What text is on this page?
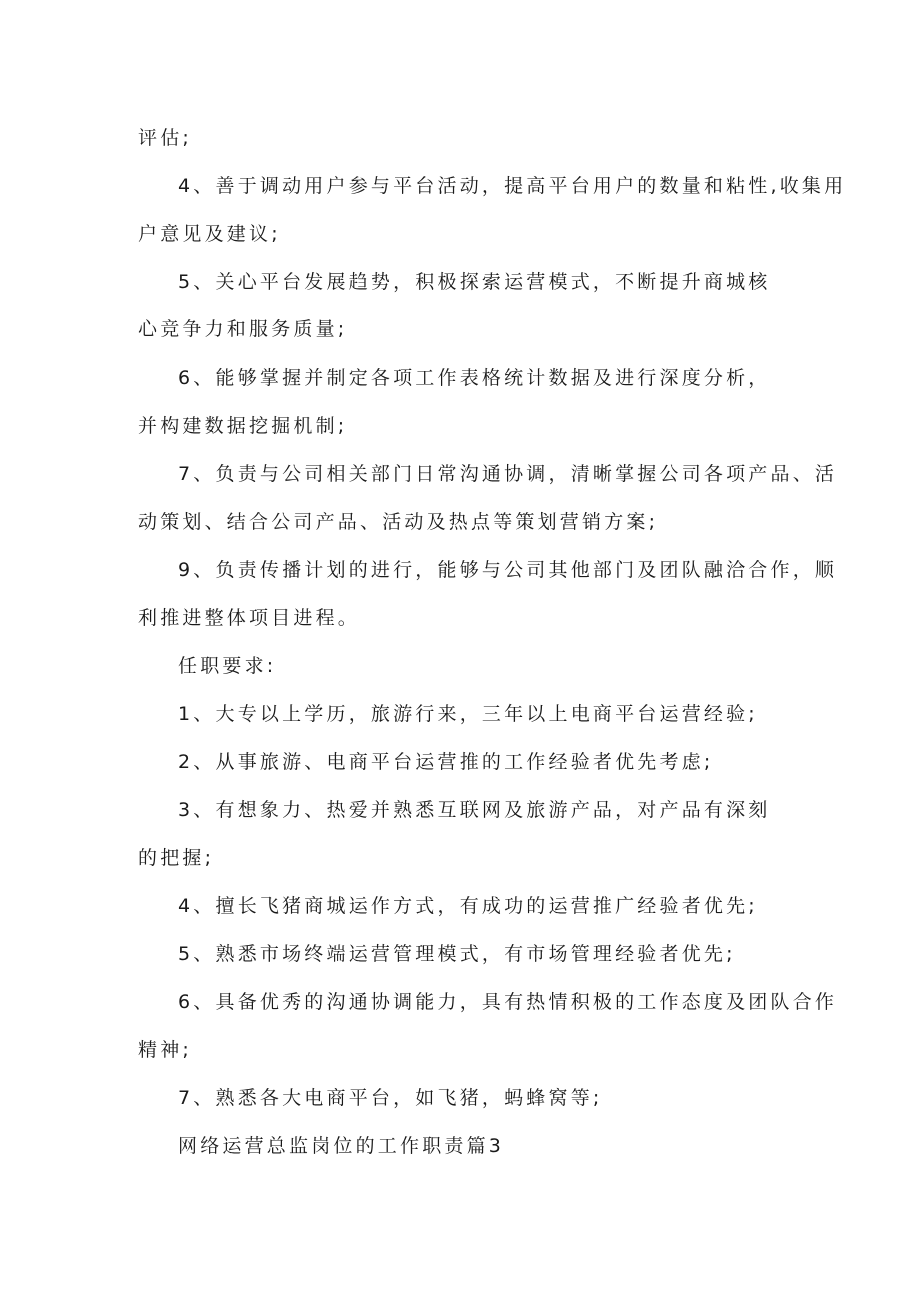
评估;
4、善于调动用户参与平台活动，提高平台用户的数量和粘性,收集用
户意见及建议;
5、关心平台发展趋势，积极探索运营模式，不断提升商城核
心竞争力和服务质量;
6、能够掌握并制定各项工作表格统计数据及进行深度分析，
并构建数据挖掘机制;
7、负责与公司相关部门日常沟通协调，清晰掌握公司各项产品、活
动策划、结合公司产品、活动及热点等策划营销方案;
9、负责传播计划的进行，能够与公司其他部门及团队融洽合作，顺
利推进整体项目进程。
任职要求:
1、大专以上学历，旅游行来，三年以上电商平台运营经验;
2、从事旅游、电商平台运营推的工作经验者优先考虑;
3、有想象力、热爱并熟悉互联网及旅游产品，对产品有深刻
的把握;
4、擅长飞猪商城运作方式，有成功的运营推广经验者优先;
5、熟悉市场终端运营管理模式，有市场管理经验者优先;
6、具备优秀的沟通协调能力，具有热情积极的工作态度及团队合作
精神;
7、熟悉各大电商平台，如飞猪，蚂蜂窝等;
网络运营总监岗位的工作职责篇3
